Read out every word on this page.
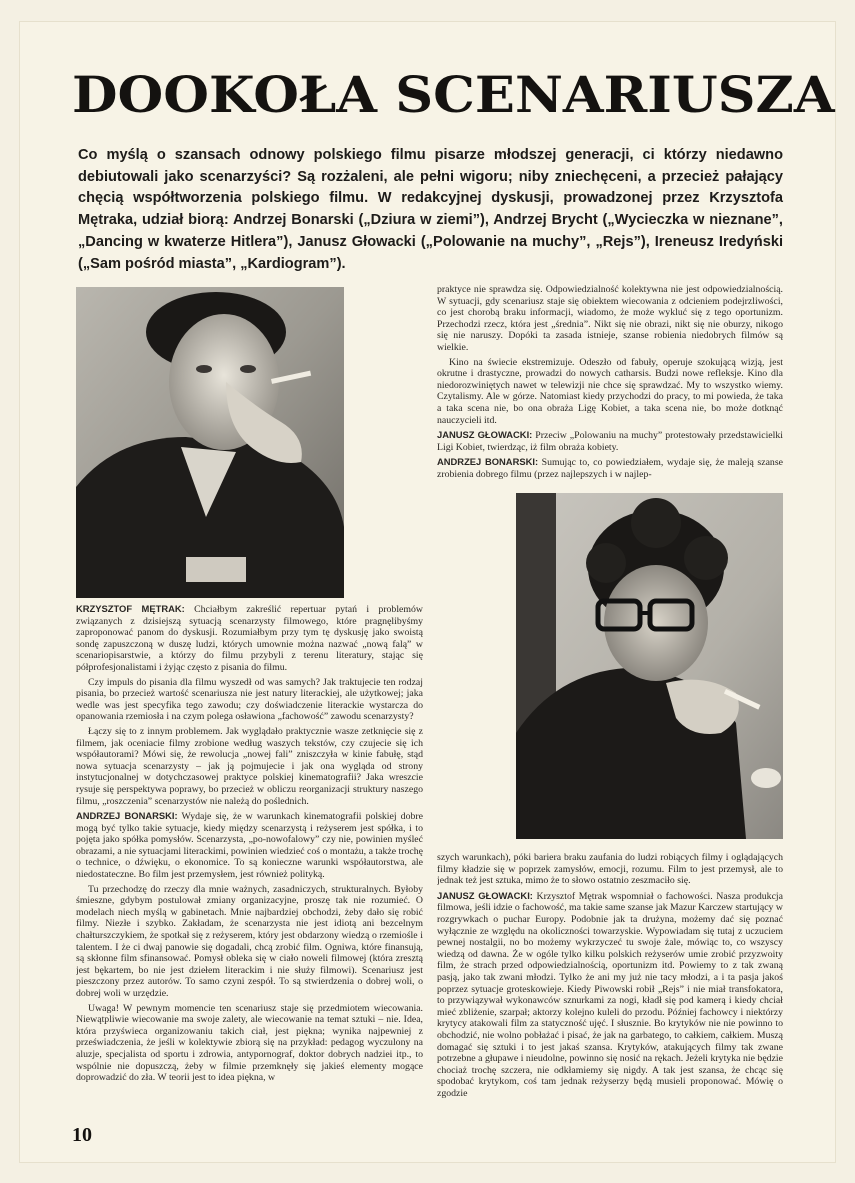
DOOKOŁA SCENARIUSZA
Co myślą o szansach odnowy polskiego filmu pisarze młodszej generacji, ci którzy niedawno debiutowali jako scenarzyści? Są rozżaleni, ale pełni wigoru; niby zniechęceni, a przecież pałający chęcią współtworzenia polskiego filmu. W redakcyjnej dyskusji, prowadzonej przez Krzysztofa Mętraka, udział biorą: Andrzej Bonarski („Dziura w ziemi”), Andrzej Brycht („Wycieczka w nieznane”, „Dancing w kwaterze Hitlera”), Janusz Głowacki („Polowanie na muchy”, „Rejs”), Ireneusz Iredyński („Sam pośród miasta”, „Kardiogram”).

KRZYSZTOF MĘTRAK: Chciałbym zakreślić repertuar pytań i problemów związanych z dzisiejszą sytuacją scenarzysty filmowego, które pragnęlibyśmy zaproponować panom do dyskusji. Rozumiałbym przy tym tę dyskusję jako swoistą sondę zapuszczoną w duszę ludzi, których umownie można nazwać „nową falą” w scenariopisarstwie, a którzy do filmu przybyli z terenu literatury, stając się półprofesjonalistami i żyjąc często z pisania do filmu.

Czy impuls do pisania dla filmu wyszedł od was samych? Jak traktujecie ten rodzaj pisania, bo przecież wartość scenariusza nie jest natury literackiej, ale użytkowej; jaka wedle was jest specyfika tego zawodu; czy doświadczenie literackie wystarcza do opanowania rzemiosła i na czym polega osławiona „fachowość” zawodu scenarzysty?

Łączy się to z innym problemem. Jak wyglądało praktycznie wasze zetknięcie się z filmem, jak oceniacie filmy zrobione według waszych tekstów, czy czujecie się ich współautorami? Mówi się, że rewolucja „nowej fali” zniszczyła w kinie fabułę, stąd nowa sytuacja scenarzysty – jak ją pojmujecie i jak ona wygląda od strony instytucjonalnej w dotychczasowej praktyce polskiej kinematografii? Jaka wreszcie rysuje się perspektywa poprawy, bo przecież w obliczu reorganizacji struktury naszego filmu, „roszczenia” scenarzystów nie należą do poślednich.

ANDRZEJ BONARSKI: Wydaje się, że w warunkach kinematografii polskiej dobre mogą być tylko takie sytuacje, kiedy między scenarzystą i reżyserem jest spółka, i to pojęta jako spółka pomysłów. Scenarzysta, „po-nowofalowy” czy nie, powinien myśleć obrazami, a nie sytuacjami literackimi, powinien wiedzieć coś o montażu, a także trochę o technice, o dźwięku, o ekonomice. To są konieczne warunki współautorstwa, ale niedostateczne. Bo film jest przemysłem, jest również polityką.

Tu przechodzę do rzeczy dla mnie ważnych, zasadniczych, strukturalnych. Byłoby śmieszne, gdybym postulował zmiany organizacyjne, proszę tak nie rozumieć. O modelach niech myślą w gabinetach. Mnie najbardziej obchodzi, żeby dało się robić filmy. Niezłe i szybko. Zakładam, że scenarzysta nie jest idiotą ani bezcelnym chałturszczykiem, że spotkał się z reżyserem, który jest obdarzony wiedzą o rzemiośle i talentem. I że ci dwaj panowie się dogadali, chcą zrobić film. Ogniwa, które finansują, są skłonne film sfinansować. Pomysł obleka się w ciało noweli filmowej (która zresztą jest bękartem, bo nie jest dziełem literackim i nie służy filmowi). Scenariusz jest pieszczony przez autorów. To samo czyni zespół. To są stwierdzenia o dobrej woli, o dobrej woli w urzędzie.

Uwaga! W pewnym momencie ten scenariusz staje się przedmiotem wiecowania. Niewątpliwie wiecowanie ma swoje zalety, ale wiecowanie na temat sztuki – nie. Idea, która przyświeca organizowaniu takich ciał, jest piękna; wynika najpewniej z przeświadczenia, że jeśli w kolektywie zbiorą się na przykład: pedagog wyczulony na aluzje, specjalista od sportu i zdrowia, antypornograf, doktor dobrych nadziei itp., to wspólnie nie dopuszczą, żeby w filmie przemknęły się jakieś elementy mogące doprowadzić do zła. W teorii jest to idea piękna, w

praktyce nie sprawdza się. Odpowiedzialność kolektywna nie jest odpowiedzialnością. W sytuacji, gdy scenariusz staje się obiektem wiecowania z odcieniem podejrzliwości, co jest chorobą braku informacji, wiadomo, że może wykluć się z tego oportunizm. Przechodzi rzecz, która jest „średnia”. Nikt się nie obrazi, nikt się nie oburzy, nikogo się nie naruszy. Dopóki ta zasada istnieje, szanse robienia niedobrych filmów są wielkie.

Kino na świecie ekstremizuje. Odeszło od fabuły, operuje szokującą wizją, jest okrutne i drastyczne, prowadzi do nowych catharsis. Budzi nowe refleksje. Kino dla niedorozwiniętych nawet w telewizji nie chce się sprawdzać. My to wszystko wiemy. Czytalismy. Ale w górze. Natomiast kiedy przychodzi do pracy, to mi powieda, że taka a taka scena nie, bo ona obraża Ligę Kobiet, a taka scena nie, bo może dotknąć nauczycieli itd.

JANUSZ GŁOWACKI: Przeciw „Polowaniu na muchy” protestowały przedstawicielki Ligi Kobiet, twierdząc, iż film obraża kobiety.

ANDRZEJ BONARSKI: Sumując to, co powiedziałem, wydaje się, że maleją szanse zrobienia dobrego filmu (przez najlepszych i w najlep-

szych warunkach), póki bariera braku zaufania do ludzi robiących filmy i oglądających filmy kładzie się w poprzek zamysłów, emocji, rozumu. Film to jest przemysł, ale to jednak też jest sztuka, mimo że to słowo ostatnio zeszmaciło się.

JANUSZ GŁOWACKI: Krzysztof Mętrak wspomniał o fachowości. Nasza produkcja filmowa, jeśli idzie o fachowość, ma takie same szanse jak Mazur Karczew startujący w rozgrywkach o puchar Europy. Podobnie jak ta drużyna, możemy dać się poznać wyłącznie ze względu na okoliczności towarzyskie. Wypowiadam się tutaj z uczuciem pewnej nostalgii, no bo możemy wykrzyczeć tu swoje żale, mówiąc to, co wszyscy wiedzą od dawna. Że w ogóle tylko kilku polskich reżyserów umie zrobić przyzwoity film, że strach przed odpowiedzialnością, oportunizm itd. Powiemy to z tak zwaną pasją, jako tak zwani młodzi. Tylko że ani my już nie tacy młodzi, a i ta pasja jakoś poprzez sytuacje groteskowieje. Kiedy Piwowski robił „Rejs” i nie miał transfokatora, to przywiązywał wykonawców sznurkami za nogi, kładł się pod kamerą i kiedy chciał mieć zbliżenie, szarpał; aktorzy kolejno kuleli do przodu. Później fachowcy i niektórzy krytycy atakowali film za statyczność ujęć. I słusznie. Bo krytyków nie nie powinno to obchodzić, nie wolno pobłażać i pisać, że jak na garbatego, to całkiem, całkiem. Muszą domagać się sztuki i to jest jakaś szansa. Krytyków, atakujących filmy tak zwane potrzebne a głupawe i nieudolne, powinno się nosić na rękach. Jeżeli krytyka nie będzie chociaż trochę szczera, nie odkłamiemy się nigdy. A tak jest szansa, że chcąc się spodobać krytykom, coś tam jednak reżyserzy będą musieli proponować. Mówię o zgodzie

10
